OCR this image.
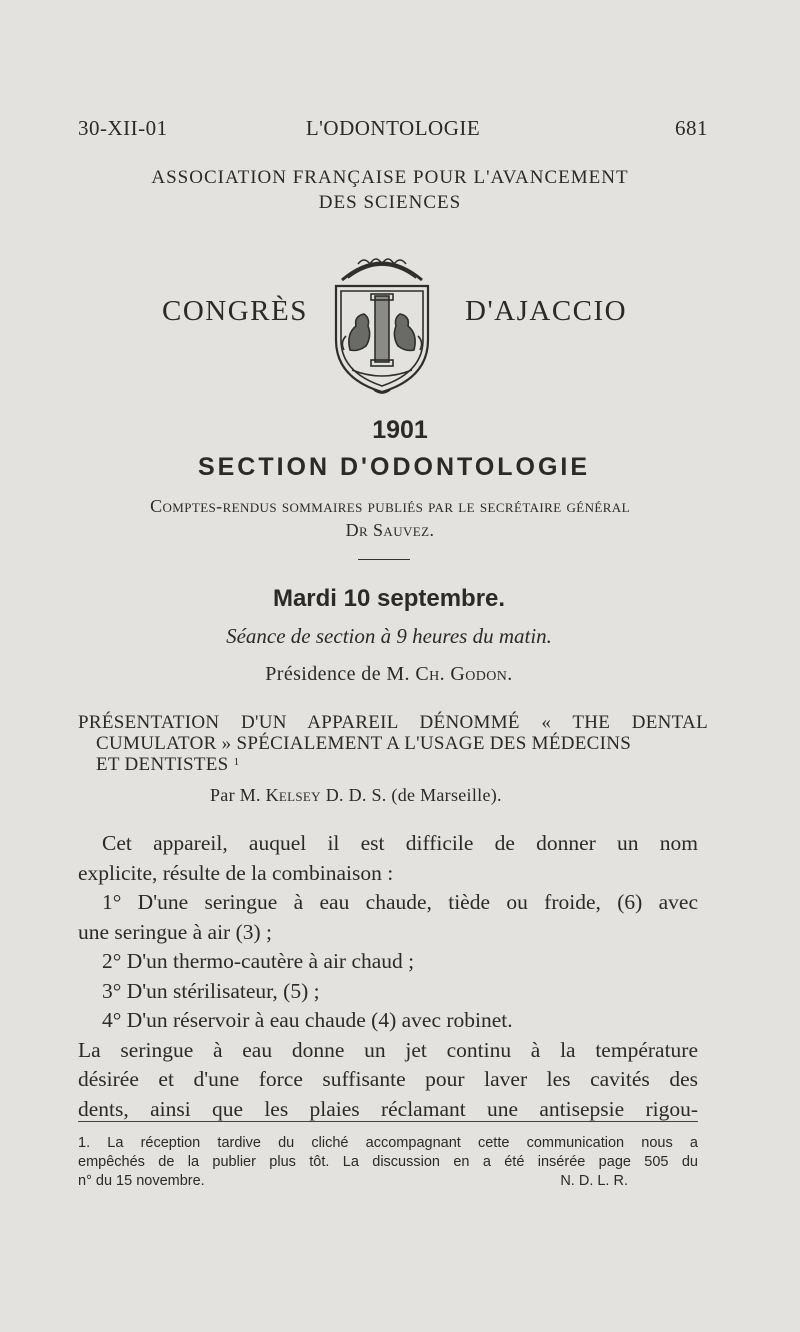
30-XII-01	L'ODONTOLOGIE	681
ASSOCIATION FRANÇAISE POUR L'AVANCEMENT
DES SCIENCES
CONGRÈS	D'AJACCIO
1901
SECTION D'ODONTOLOGIE
Comptes-rendus sommaires publiés par le secrétaire général
Dr Sauvez.
Mardi 10 septembre.
Séance de section à 9 heures du matin.
Présidence de M. Ch. Godon.
PRÉSENTATION D'UN APPAREIL DÉNOMMÉ « THE DENTAL
CUMULATOR » SPÉCIALEMENT A L'USAGE DES MÉDECINS
ET DENTISTES $^1$
Par M. Kelsey D. D. S. (de Marseille).

Cet appareil, auquel il est difficile de donner un nom

explicite, résulte de la combinaison :

1° D'une seringue à eau chaude, tiède ou froide, (6) avec

une seringue à air (3) ;

2° D'un thermo-cautère à air chaud ;

3° D'un stérilisateur, (5) ;

4° D'un réservoir à eau chaude (4) avec robinet.

La seringue à eau donne un jet continu à la température

désirée et d'une force suffisante pour laver les cavités des

dents, ainsi que les plaies réclamant une antisepsie rigou-

1. La réception tardive du cliché accompagnant cette communication nous a

empêchés de la publier plus tôt. La discussion en a été insérée page 505 du

n° du 15 novembre.	N. D. L. R.
